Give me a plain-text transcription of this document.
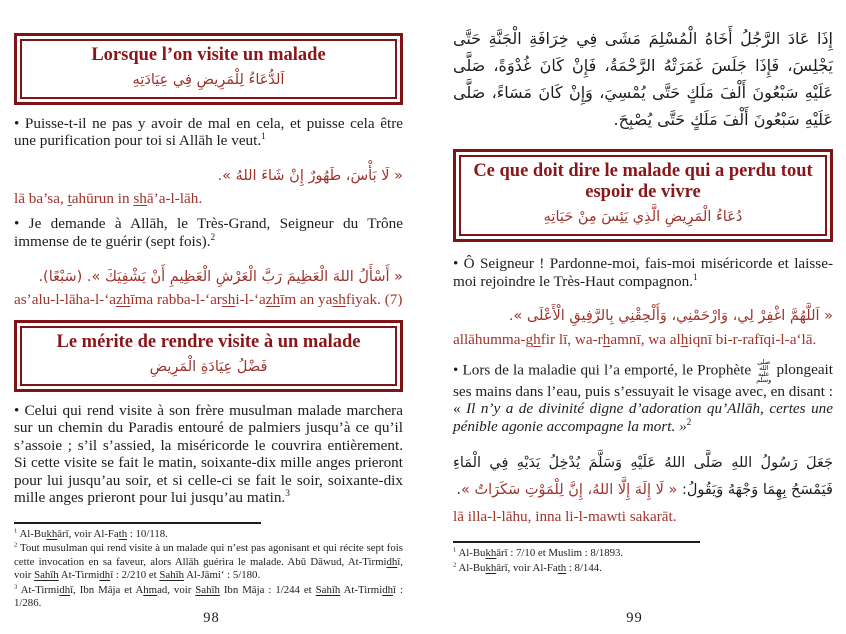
Lorsque l’on visite un malade
اَلدُّعَاءُ لِلْمَرِيضِ فِي عِيَادَتِهِ

• Puisse-t-il ne pas y avoir de mal en cela, et puisse cela être une purification pour toi si Allāh le veut.$^1$

« لَا بَأْسَ، طَهُورٌ إِنْ شَاءَ اللهُ ».
lā ba’sa, tahūrun in shā’a-l-lāh.

• Je demande à Allāh, le Très-Grand, Seigneur du Trône immense de te guérir (sept fois).$^2$

« أَسْأَلُ اللهَ الْعَظِيمَ رَبَّ الْعَرْشِ الْعَظِيمِ أَنْ يَشْفِيَكَ ». (سَبْعًا).
as’alu-l-lāha-l-‘azhīma rabba-l-‘arshi-l-‘azhīm an yashfiyak. (7)
Le mérite de rendre visite à un malade
فَضْلُ عِيَادَةِ الْمَرِيضِ

• Celui qui rend visite à son frère musulman malade marchera sur un chemin du Paradis entouré de palmiers jusqu’à ce qu’il s’assoie ; s’il s’assied, la miséricorde le couvrira entièrement. Si cette visite se fait le matin, soixante-dix mille anges prieront pour lui jusqu’au soir, et si celle-ci se fait le soir, soixante-dix mille anges prieront pour lui jusqu’au matin.$^3$

$^1$ Al-Bukhārī, voir Al-Fath : 10/118.
$^2$ Tout musulman qui rend visite à un malade qui n’est pas agonisant et qui récite sept fois cette invocation en sa faveur, alors Allāh guérira le malade. Abū Dāwud, At-Tirmidhī, voir Sahīh At-Tirmidhī : 2/210 et Sahīh Al-Jāmi‘ : 5/180.
$^3$ At-Tirmidhī, Ibn Māja et Ahmad, voir Sahīh Ibn Māja : 1/244 et Sahīh At-Tirmidhī : 1/286.
98
إِذَا عَادَ الرَّجُلُ أَخَاهُ الْمُسْلِمَ مَشَى فِي خِرَافَةِ الْجَنَّةِ حَتَّى يَجْلِسَ، فَإِذَا جَلَسَ غَمَرَتْهُ الرَّحْمَةُ، فَإِنْ كَانَ غُدْوَةً، صَلَّى عَلَيْهِ سَبْعُونَ أَلْفَ مَلَكٍ حَتَّى يُمْسِيَ، وَإِنْ كَانَ مَسَاءً، صَلَّى عَلَيْهِ سَبْعُونَ أَلْفَ مَلَكٍ حَتَّى يُصْبِحَ.
Ce que doit dire le malade qui a perdu tout espoir de vivre
دُعَاءُ الْمَرِيضِ الَّذِي يَئِسَ مِنْ حَيَاتِهِ

• Ô Seigneur ! Pardonne-moi, fais-moi miséricorde et laisse-moi rejoindre le Très-Haut compagnon.$^1$

« اَللَّهُمَّ اغْفِرْ لِي، وَارْحَمْنِي، وَأَلْحِقْنِي بِالرَّفِيقِ الْأَعْلَى ».
allāhumma-ghfir lī, wa-rhamnī, wa alhiqnī bi-r-rafīqi-l-a‘lā.

• Lors de la maladie qui l’a emporté, le Prophète صلى الله عليه وسلم plongeait ses mains dans l’eau, puis s’essuyait le visage avec, en disant : « Il n’y a de divinité digne d’adoration qu’Allāh, certes une pénible agonie accompagne la mort. »$^2$

جَعَلَ رَسُولُ اللهِ صَلَّى اللهُ عَلَيْهِ وَسَلَّمَ يُدْخِلُ يَدَيْهِ فِي الْمَاءِ فَيَمْسَحُ بِهِمَا وَجْهَهُ وَيَقُولُ: « لَا إِلَهَ إِلَّا اللهُ، إِنَّ لِلْمَوْتِ سَكَرَاتٌ ».
lā illa-l-lāhu, inna li-l-mawti sakarāt.
$^1$ Al-Bukhārī : 7/10 et Muslim : 8/1893.
$^2$ Al-Bukhārī, voir Al-Fath : 8/144.
99
